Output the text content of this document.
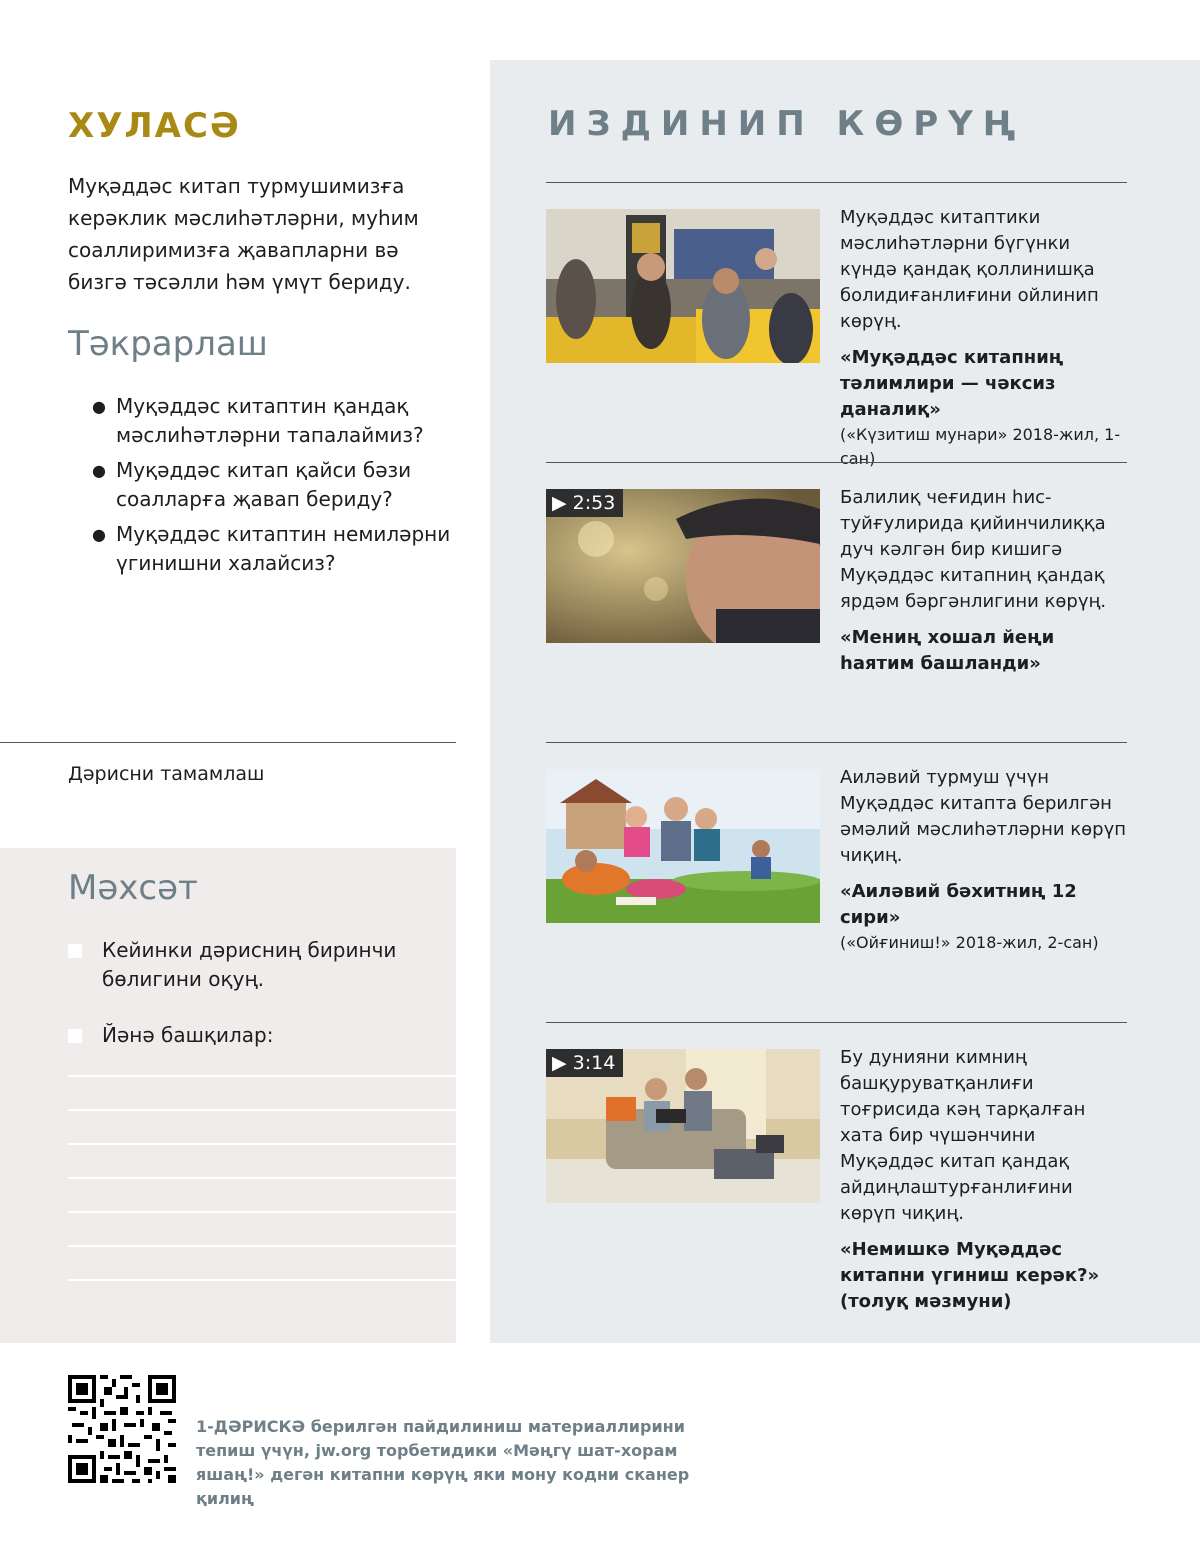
ХУЛАСӘ

Муқәддәс китап турмушимизға керәклик мәслиһәтләрни, муһим соаллиримизға җавапларни вә бизгә тәсәлли һәм үмүт бериду.

Тәкрарлаш
● Муқәддәс китаптин қандақ мәслиһәтләрни тапалаймиз?
● Муқәддәс китап қайси бәзи соалларға җавап бериду?
● Муқәддәс китаптин немиләрни үгинишни халайсиз?
Дәрисни тамамлаш
Мәхсәт
Кейинки дәрисниң биринчи бөлигини оқуң.
Йәнә башқилар:
ИЗДИНИП КӨРҮҢ

Муқәддәс китаптики мәслиһәтләрни бүгүнки күндә қандақ қоллинишқа болидиғанлиғини ойлинип көрүң.

«Муқәддәс китапниң тәлимлири — чәксиз даналиқ»

(«Күзитиш мунари» 2018-жил, 1-сан)

▶ 2:53	Балилиқ чеғидин һис-туйғулирида қийинчилиққа дуч кәлгән бир кишигә Муқәддәс китапниң қандақ ярдәм бәргәнлигини көрүң.

«Мениң хошал йеңи һаятим башланди»

Аиләвий турмуш үчүн Муқәддәс китапта берилгән әмәлий мәслиһәтләрни көрүп чиқиң.

«Аиләвий бәхитниң 12 сири»

(«Ойғиниш!» 2018-жил, 2-сан)

▶ 3:14	Бу дунияни кимниң башқуруватқанлиғи тоғрисида кәң тарқалған хата бир чүшәнчини Муқәддәс китап қандақ айдиңлаштурғанлиғини көрүп чиқиң.

«Немишкә Муқәддәс китапни үгиниш керәк?» (толуқ мәзмуни)

1-ДӘРИСКӘ берилгән пайдилиниш материаллирини тепиш үчүн, jw.org торбетидики «Мәңгү шат-хорам яшаң!» дегән китапни көрүң яки мону кодни сканер қилиң
